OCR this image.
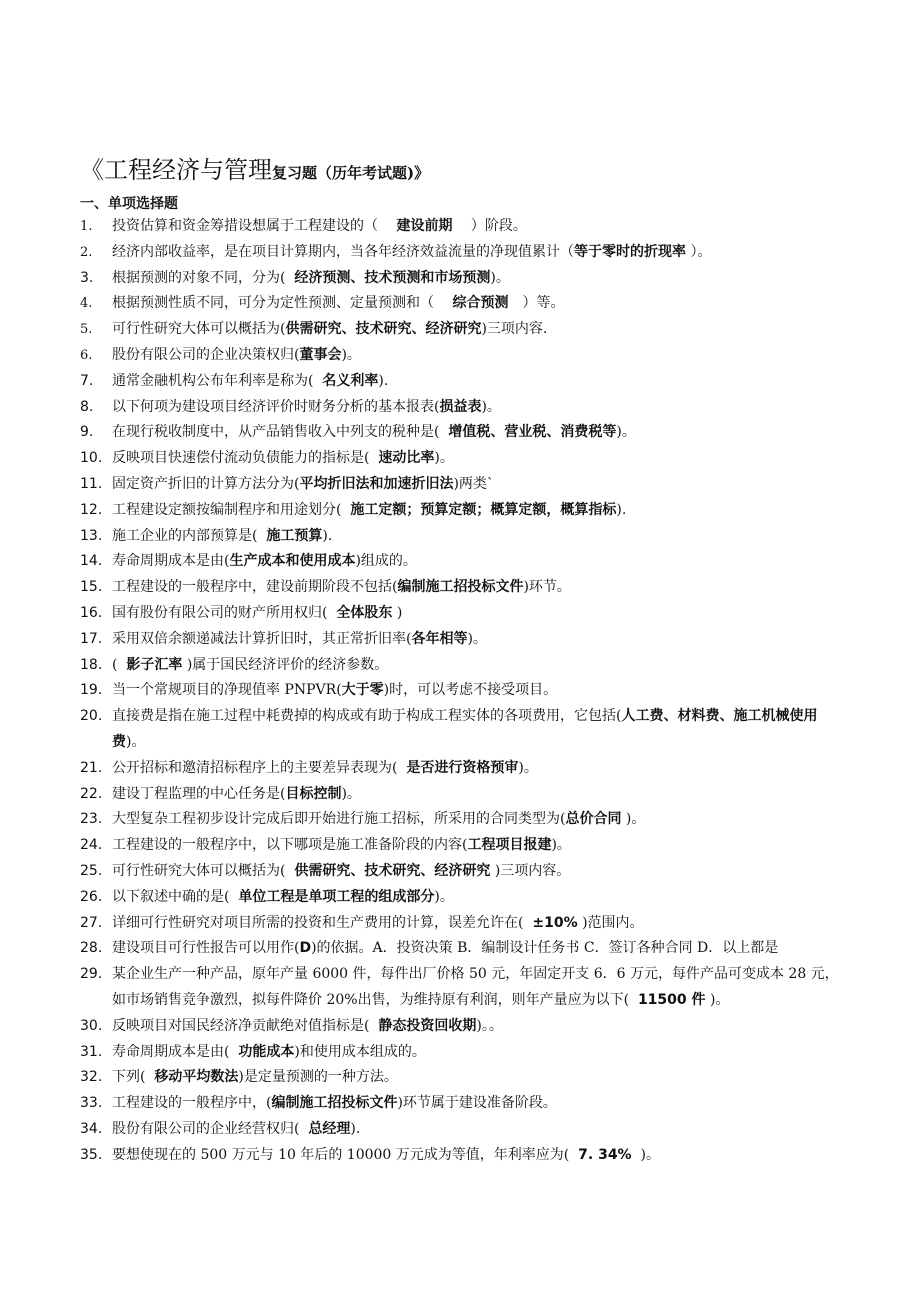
《工程经济与管理复习题（历年考试题)》
一、单项选择题
1.	投资估算和资金筹措设想属于工程建设的（　 建设前期　 ）阶段。
2.	经济内部收益率，是在项目计算期内，当各年经济效益流量的净现值累计（等于零时的折现率 ）。
3.	根据预测的对象不同，分为(  经济预测、技术预测和市场预测)。
4.	根据预测性质不同，可分为定性预测、定量预测和（　 综合预测　）等。
5.	可行性研究大体可以概括为(供需研究、技术研究、经济研究)三项内容.
6.	股份有限公司的企业决策权归(董事会)。
7.	通常金融机构公布年利率是称为(  名义利率).
8.	以下何项为建设项目经济评价时财务分析的基本报表(损益表)。
9.	在现行税收制度中，从产品销售收入中列支的税种是(  增值税、营业税、消费税等)。
10. 反映项目快速偿付流动负债能力的指标是(  速动比率)。
11. 固定资产折旧的计算方法分为(平均折旧法和加速折旧法)两类`
12. 工程建设定额按编制程序和用途划分(  施工定额；预算定额；概算定额，概算指标).
13. 施工企业的内部预算是(  施工预算).
14. 寿命周期成本是由(生产成本和使用成本)组成的。
15. 工程建设的一般程序中，建设前期阶段不包括(编制施工招投标文件)环节。
16. 国有股份有限公司的财产所用权归(  全体股东 )
17. 采用双倍余额递减法计算折旧时，其正常折旧率(各年相等)。
18. (  影子汇率 )属于国民经济评价的经济参数。
19. 当一个常规项目的净现值率 PNPVR(大于零)时，可以考虑不接受项目。
20. 直接费是指在施工过程中耗费掉的构成或有助于构成工程实体的各项费用，它包括(人工费、材料费、施工机械使用费)。
21. 公开招标和邀清招标程序上的主要差异表现为(  是否进行资格预审)。
22. 建设丁程监理的中心任务是(目标控制)。
23. 大型复杂工程初步设计完成后即开始进行施工招标，所采用的合同类型为(总价合同 )。
24. 工程建设的一般程序中，以下哪项是施工准备阶段的内容(工程项目报建)。
25. 可行性研究大体可以概括为(  供需研究、技术研究、经济研究 )三项内容。
26. 以下叙述中确的是(  单位工程是单项工程的组成部分)。
27. 详细可行性研究对项目所需的投资和生产费用的计算，误差允许在(  ±10% )范围内。
28. 建设项目可行性报告可以用作(D)的依据。A．投资决策 B．编制设计任务书 C．签订各种合同 D．以上都是
29. 某企业生产一种产品，原年产量 6000 件，每件出厂价格 50 元，年固定开支 6．6 万元，每件产品可变成本 28 元，如市场销售竞争激烈，拟每件降价 20%出售，为维持原有利润，则年产量应为以下(  11500 件 )。
30. 反映项目对国民经济净贡献绝对值指标是(  静态投资回收期)。。
31. 寿命周期成本是由(  功能成本)和使用成本组成的。
32. 下列(  移动平均数法)是定量预测的一种方法。
33. 工程建设的一般程序中，(编制施工招投标文件)环节属于建设准备阶段。
34. 股份有限公司的企业经营权归(  总经理).
35. 要想使现在的 500 万元与 10 年后的 10000 万元成为等值，年利率应为(  7. 34%  )。
